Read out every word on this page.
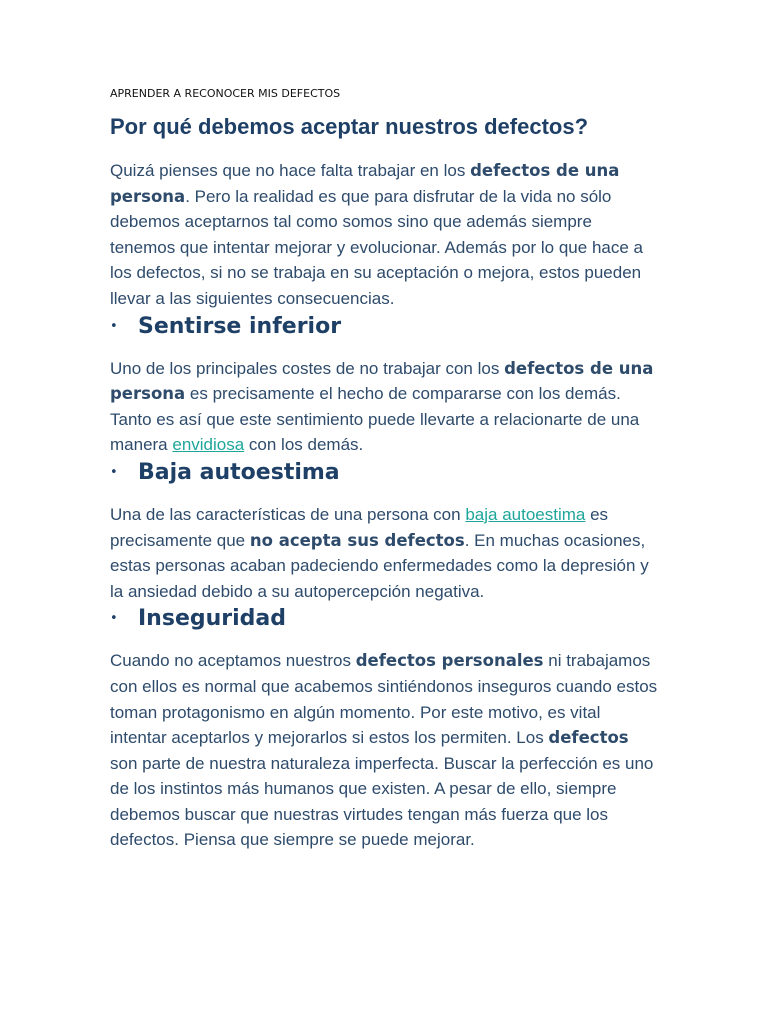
APRENDER A RECONOCER MIS DEFECTOS
Por qué debemos aceptar nuestros defectos?

Quizá pienses que no hace falta trabajar en los defectos de una persona. Pero la realidad es que para disfrutar de la vida no sólo debemos aceptarnos tal como somos sino que además siempre tenemos que intentar mejorar y evolucionar. Además por lo que hace a los defectos, si no se trabaja en su aceptación o mejora, estos pueden llevar a las siguientes consecuencias.

• Sentirse inferior

Uno de los principales costes de no trabajar con los defectos de una persona es precisamente el hecho de compararse con los demás. Tanto es así que este sentimiento puede llevarte a relacionarte de una manera envidiosa con los demás.

• Baja autoestima

Una de las características de una persona con baja autoestima es precisamente que no acepta sus defectos. En muchas ocasiones, estas personas acaban padeciendo enfermedades como la depresión y la ansiedad debido a su autopercepción negativa.

• Inseguridad

Cuando no aceptamos nuestros defectos personales ni trabajamos con ellos es normal que acabemos sintiéndonos inseguros cuando estos toman protagonismo en algún momento. Por este motivo, es vital intentar aceptarlos y mejorarlos si estos los permiten. Los defectos son parte de nuestra naturaleza imperfecta. Buscar la perfección es uno de los instintos más humanos que existen. A pesar de ello, siempre debemos buscar que nuestras virtudes tengan más fuerza que los defectos. Piensa que siempre se puede mejorar.
